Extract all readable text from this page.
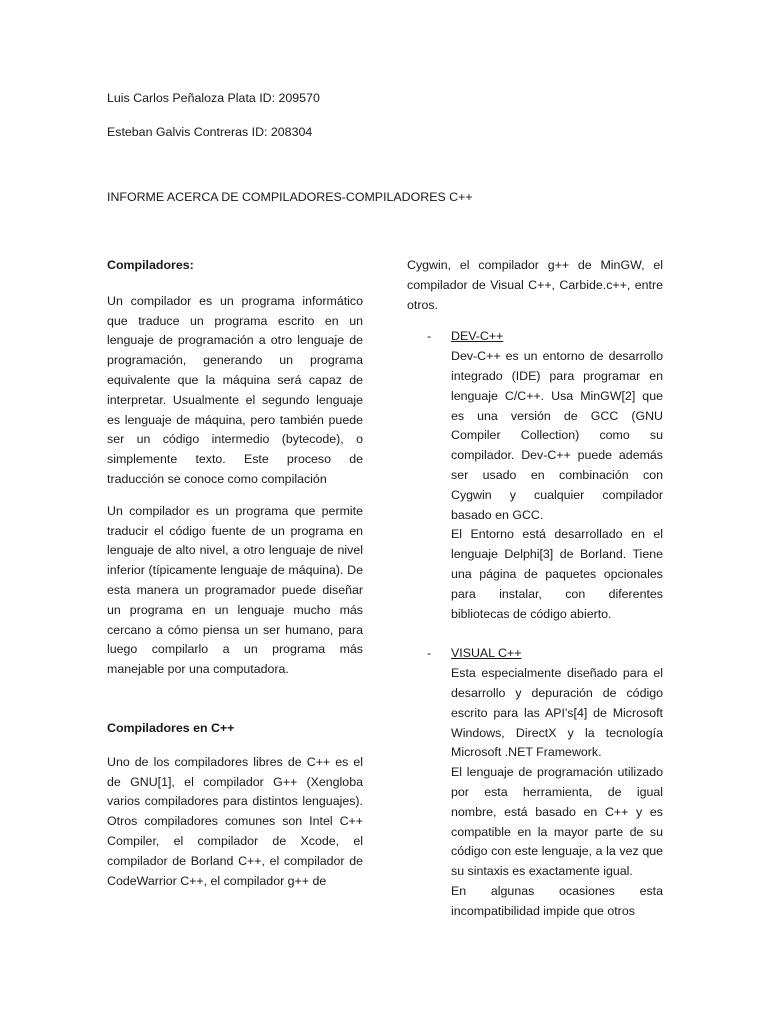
Luis Carlos Peñaloza Plata ID: 209570
Esteban Galvis Contreras ID: 208304
INFORME ACERCA DE COMPILADORES-COMPILADORES C++

Compiladores:

Un compilador es un programa informático que traduce un programa escrito en un lenguaje de programación a otro lenguaje de programación, generando un programa equivalente que la máquina será capaz de interpretar. Usualmente el segundo lenguaje es lenguaje de máquina, pero también puede ser un código intermedio (bytecode), o simplemente texto. Este proceso de traducción se conoce como compilación

Un compilador es un programa que permite traducir el código fuente de un programa en lenguaje de alto nivel, a otro lenguaje de nivel inferior (típicamente lenguaje de máquina). De esta manera un programador puede diseñar un programa en un lenguaje mucho más cercano a cómo piensa un ser humano, para luego compilarlo a un programa más manejable por una computadora.

Compiladores en C++

Uno de los compiladores libres de C++ es el de GNU[1], el compilador G++ (Xengloba varios compiladores para distintos lenguajes). Otros compiladores comunes son Intel C++ Compiler, el compilador de Xcode, el compilador de Borland C++, el compilador de CodeWarrior C++, el compilador g++ de

Cygwin, el compilador g++ de MinGW, el compilador de Visual C++, Carbide.c++, entre otros.

- DEV-C++

Dev-C++ es un entorno de desarrollo integrado (IDE) para programar en lenguaje C/C++. Usa MinGW[2] que es una versión de GCC (GNU Compiler Collection) como su compilador. Dev-C++ puede además ser usado en combinación con Cygwin y cualquier compilador basado en GCC.

El Entorno está desarrollado en el lenguaje Delphi[3] de Borland. Tiene una página de paquetes opcionales para instalar, con diferentes bibliotecas de código abierto.

- VISUAL C++

Esta especialmente diseñado para el desarrollo y depuración de código escrito para las API's[4] de Microsoft Windows, DirectX y la tecnología Microsoft .NET Framework.

El lenguaje de programación utilizado por esta herramienta, de igual nombre, está basado en C++ y es compatible en la mayor parte de su código con este lenguaje, a la vez que su sintaxis es exactamente igual.

En algunas ocasiones esta incompatibilidad impide que otros
